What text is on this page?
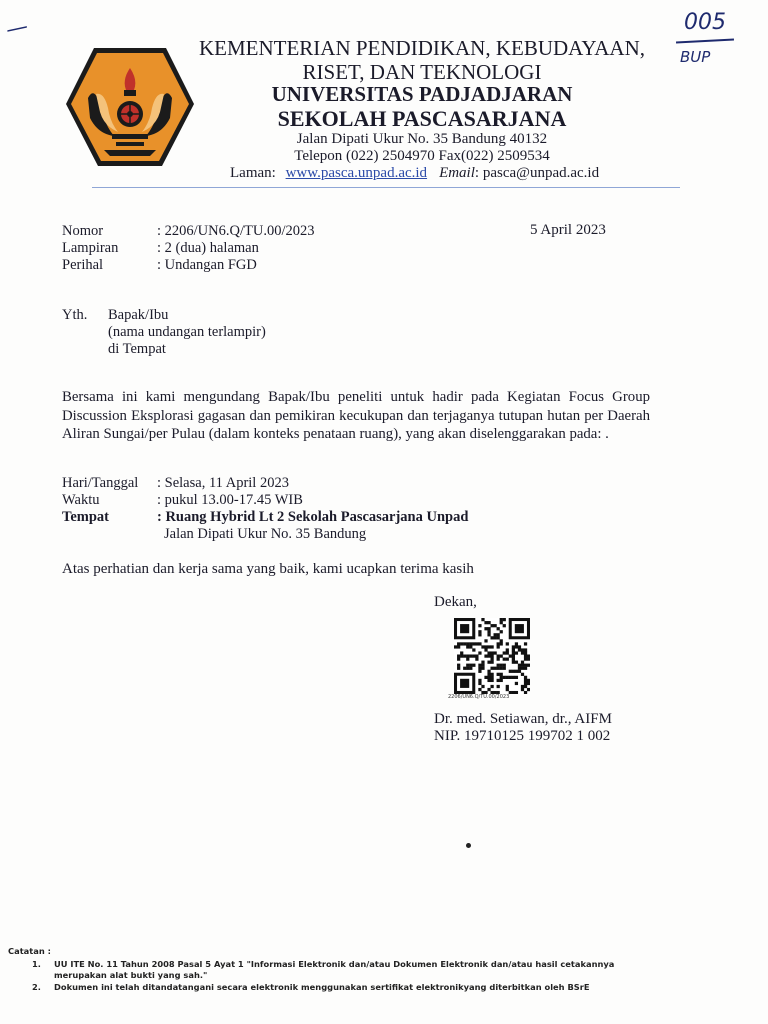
—	005
BUP
KEMENTERIAN PENDIDIKAN, KEBUDAYAAN,
RISET, DAN TEKNOLOGI
UNIVERSITAS PADJADJARAN
SEKOLAH PASCASARJANA
Jalan Dipati Ukur No. 35 Bandung 40132
Telepon (022) 2504970 Fax(022) 2509534
Laman: www.pasca.unpad.ac.id Email: pasca@unpad.ac.id
Nomor	: 2206/UN6.Q/TU.00/2023	5 April 2023
Lampiran	: 2 (dua) halaman
Perihal	: Undangan FGD
Yth. Bapak/Ibu
(nama undangan terlampir)
di Tempat
Bersama ini kami mengundang Bapak/Ibu peneliti untuk hadir pada Kegiatan Focus Group Discussion Eksplorasi gagasan dan pemikiran kecukupan dan terjaganya tutupan hutan per Daerah Aliran Sungai/per Pulau (dalam konteks penataan ruang), yang akan diselenggarakan pada: .
Hari/Tanggal : Selasa, 11 April 2023
Waktu	: pukul 13.00-17.45 WIB
Tempat	: Ruang Hybrid Lt 2 Sekolah Pascasarjana Unpad
Jalan Dipati Ukur No. 35 Bandung
Atas perhatian dan kerja sama yang baik, kami ucapkan terima kasih
Dekan,
2206/UN6.Q/TU.00/2023
Dr. med. Setiawan, dr., AIFM
NIP. 19710125 199702 1 002
Catatan :
1. UU ITE No. 11 Tahun 2008 Pasal 5 Ayat 1 "Informasi Elektronik dan/atau Dokumen Elektronik dan/atau hasil cetakannya
merupakan alat bukti yang sah."
2. Dokumen ini telah ditandatangani secara elektronik menggunakan sertifikat elektronikyang diterbitkan oleh BSrE
